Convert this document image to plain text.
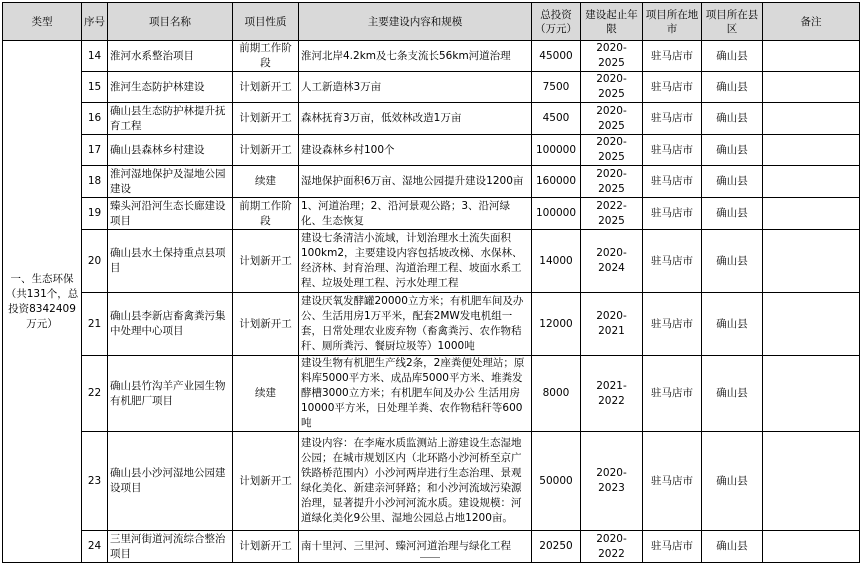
类型	序号	项目名称	项目性质	主要建设内容和规模	总投资（万元）	建设起止年限	项目所在地市	项目所在县区	备注
一、生态环保（共131个，总投资8342409万元）	14	淮河水系整治项目	前期工作阶段	淮河北岸4.2km及七条支流长56km河道治理	45000	2020-2025	驻马店市	确山县	
	15	淮河生态防护林建设	计划新开工	人工新造林3万亩	7500	2020-2025	驻马店市	确山县	
	16	确山县生态防护林提升抚育工程	计划新开工	森林抚育3万亩，低效林改造1万亩	4500	2020-2025	驻马店市	确山县	
	17	确山县森林乡村建设	计划新开工	建设森林乡村100个	100000	2020-2025	驻马店市	确山县	
	18	淮河湿地保护及湿地公园建设	续建	湿地保护面积6万亩、湿地公园提升建设1200亩	160000	2020-2025	驻马店市	确山县	
	19	臻头河沿河生态长廊建设项目	前期工作阶段	1、河道治理；2、沿河景观公路；3、沿河绿化、生态恢复	100000	2022-2025	驻马店市	确山县	
	20	确山县水土保持重点县项目	计划新开工	建设七条清洁小流域，计划治理水土流失面积100km2，主要建设内容包括坡改梯、水保林、经济林、封育治理、沟道治理工程、坡面水系工程、垃圾处理工程、污水处理工程	14000	2020-2024	驻马店市	确山县	
	21	确山县李新店畜禽粪污集中处理中心项目	计划新开工	建设厌氧发酵罐20000立方米；有机肥车间及办公、生活用房1万平米，配套2MW发电机组一套，日常处理农业废弃物（畜禽粪污、农作物秸秆、厕所粪污、餐厨垃圾等）1000吨	12000	2020-2021	驻马店市	确山县	
	22	确山县竹沟羊产业园生物有机肥厂项目	续建	建设生物有机肥生产线2条，2座粪便处理站；原料库5000平方米、成品库5000平方米、堆粪发酵槽3000立方米；有机肥车间及办公 生活用房10000平方米，日处理羊粪、农作物秸秆等600吨	8000	2021-2022	驻马店市	确山县	
	23	确山县小沙河湿地公园建设项目	计划新开工	建设内容：在李庵水质监测站上游建设生态湿地公园；在城市规划区内（北环路小沙河桥至京广铁路桥范围内）小沙河两岸进行生态治理、景观绿化美化、新建亲河驿路；和小沙河流域污染源治理，显著提升小沙河河流水质。建设规模：河道绿化美化9公里、湿地公园总占地1200亩。	50000	2020-2023	驻马店市	确山县	
	24	三里河街道河流综合整治项目	计划新开工	南十里河、三里河、臻河河道治理与绿化工程	20250	2020-2022	驻马店市	确山县	
